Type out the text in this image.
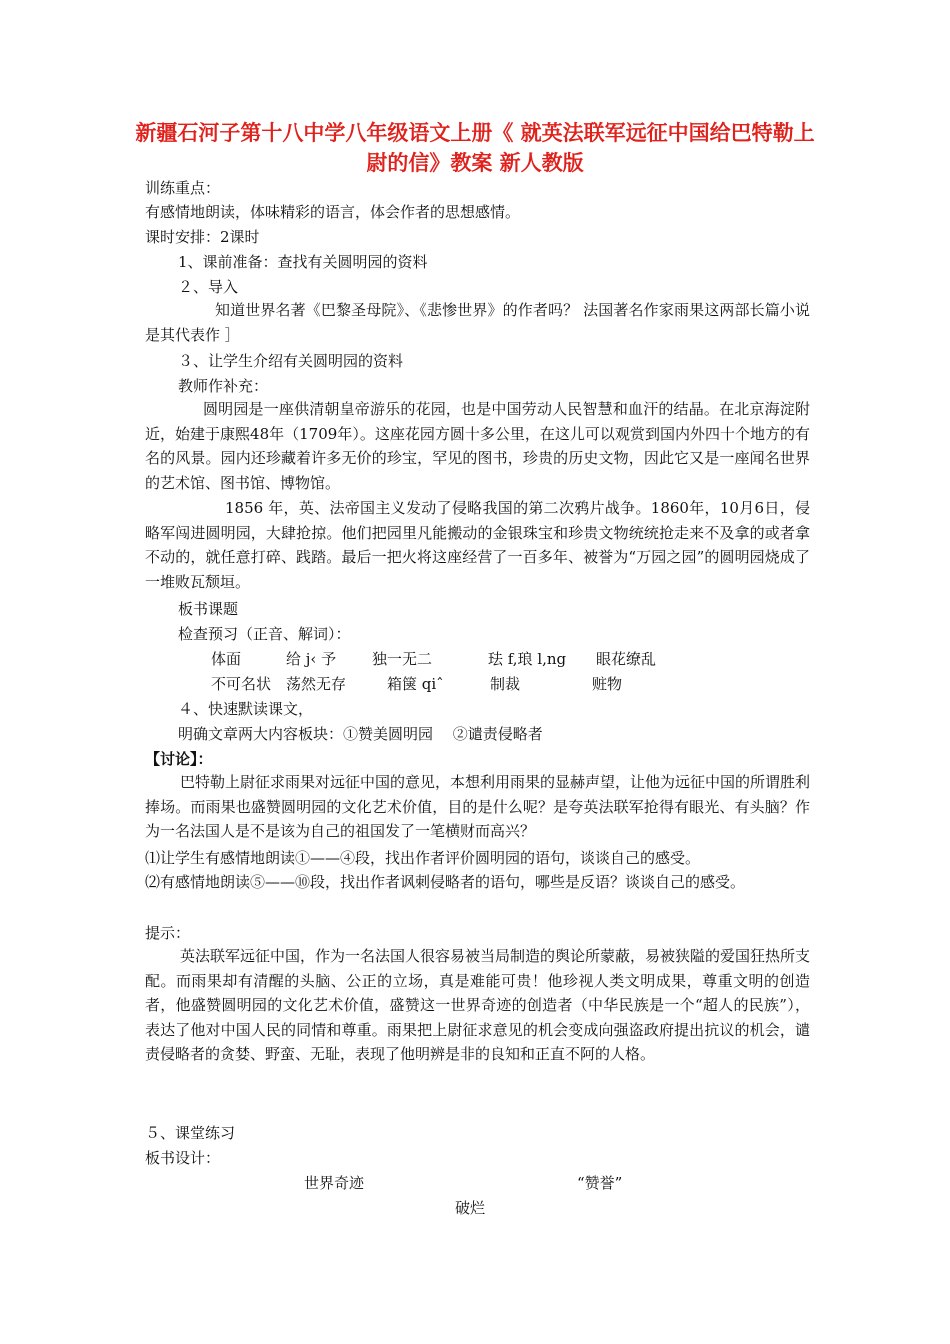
新疆石河子第十八中学八年级语文上册《 就英法联军远征中国给巴特勒上尉的信》教案 新人教版
训练重点：
有感情地朗读，体味精彩的语言，体会作者的思想感情。
课时安排：2课时
1、课前准备：查找有关圆明园的资料
２、导入

知道世界名著《巴黎圣母院》、《悲惨世界》的作者吗？ 法国著名作家雨果这两部长篇小说是其代表作 ］

３、让学生介绍有关圆明园的资料
教师作补充：

圆明园是一座供清朝皇帝游乐的花园，也是中国劳动人民智慧和血汗的结晶。在北京海淀附近，始建于康熙48年（1709年）。这座花园方圆十多公里，在这儿可以观赏到国内外四十个地方的有名的风景。园内还珍藏着许多无价的珍宝，罕见的图书，珍贵的历史文物，因此它又是一座闻名世界的艺术馆、图书馆、博物馆。

1856 年，英、法帝国主义发动了侵略我国的第二次鸦片战争。1860年，10月6日，侵略军闯进圆明园，大肆抢掠。他们把园里凡能搬动的金银珠宝和珍贵文物统统抢走来不及拿的或者拿不动的，就任意打碎、践踏。最后一把火将这座经营了一百多年、被誉为“万园之园”的圆明园烧成了一堆败瓦颓垣。

板书课题
检查预习（正音、解词）：
体面	给 j‹ 予 独一无二	珐 f,琅 l,ng 眼花缭乱
不可名状 荡然无存	箱箧 qiˆ	制裁	赃物
４、快速默读课文，
明确文章两大内容板块：①赞美圆明园 　②谴责侵略者
【讨论】：

巴特勒上尉征求雨果对远征中国的意见，本想利用雨果的显赫声望，让他为远征中国的所谓胜利捧场。而雨果也盛赞圆明园的文化艺术价值，目的是什么呢？是夸英法联军抢得有眼光、有头脑？作为一名法国人是不是该为自己的祖国发了一笔横财而高兴？

⑴让学生有感情地朗读①——④段，找出作者评价圆明园的语句，谈谈自己的感受。
⑵有感情地朗读⑤——⑩段，找出作者讽刺侵略者的语句，哪些是反语？谈谈自己的感受。
提示：

英法联军远征中国，作为一名法国人很容易被当局制造的舆论所蒙蔽，易被狭隘的爱国狂热所支配。而雨果却有清醒的头脑、公正的立场，真是难能可贵！他珍视人类文明成果，尊重文明的创造者，他盛赞圆明园的文化艺术价值，盛赞这一世界奇迹的创造者（中华民族是一个“超人的民族”），表达了他对中国人民的同情和尊重。雨果把上尉征求意见的机会变成向强盗政府提出抗议的机会，谴责侵略者的贪婪、野蛮、无耻，表现了他明辨是非的良知和正直不阿的人格。

５、课堂练习
板书设计：
世界奇迹	“赞誉”
破烂
